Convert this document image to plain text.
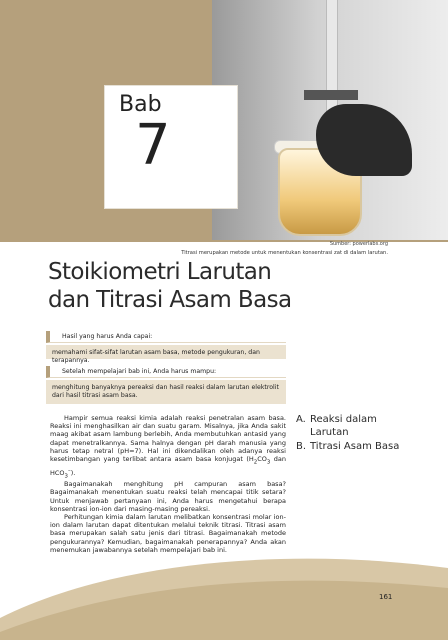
Bab
7
Sumber: powerlabs.org
Titrasi merupakan metode untuk menentukan konsentrasi zat di dalam larutan.
Stoikiometri Larutan
dan Titrasi Asam Basa
Hasil yang harus Anda capai:
memahami sifat-sifat larutan asam basa, metode pengukuran, dan terapannya.
Setelah mempelajari bab ini, Anda harus mampu:
menghitung banyaknya pereaksi dan hasil reaksi dalam larutan elektrolit dari hasil titrasi asam basa.

Hampir semua reaksi kimia adalah reaksi penetralan asam basa. Reaksi ini menghasilkan air dan suatu garam. Misalnya, jika Anda sakit maag akibat asam lambung berlebih, Anda membutuhkan antasid yang dapat menetralkannya. Sama halnya dengan pH darah manusia yang harus tetap netral (pH=7). Hal ini dikendalikan oleh adanya reaksi kesetimbangan yang terlibat antara asam basa konjugat ($H_2CO_3$ dan $HCO_3^-$).

Bagaimanakah menghitung pH campuran asam basa? Bagaimanakah menentukan suatu reaksi telah mencapai titik setara? Untuk menjawab pertanyaan ini, Anda harus mengetahui berapa konsentrasi ion-ion dari masing-masing pereaksi.

Perhitungan kimia dalam larutan melibatkan konsentrasi molar ion-ion dalam larutan dapat ditentukan melalui teknik titrasi. Titrasi asam basa merupakan salah satu jenis dari titrasi. Bagaimanakah metode pengukurannya? Kemudian, bagaimanakah penerapannya? Anda akan menemukan jawabannya setelah mempelajari bab ini.

A. Reaksi dalam Larutan
B. Titrasi Asam Basa
161
